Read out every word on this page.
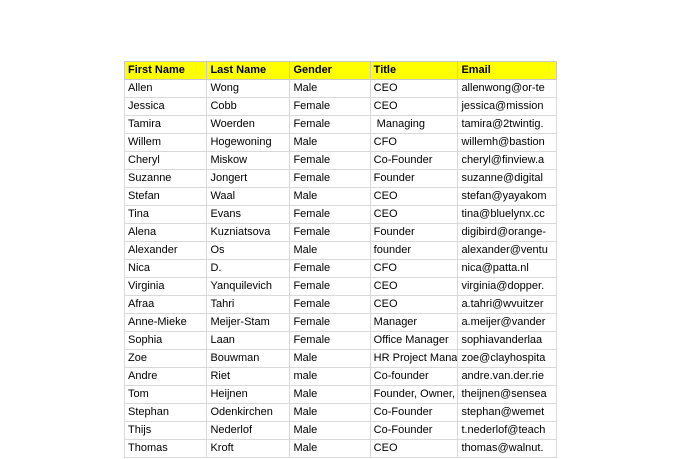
First Name	Last Name	Gender	Title	Email
Allen	Wong	Male	CEO	allenwong@or-te
Jessica	Cobb	Female	CEO	jessica@mission
Tamira	Woerden	Female	Managing	tamira@2twintig.
Willem	Hogewoning	Male	CFO	willemh@bastion
Cheryl	Miskow	Female	Co-Founder	cheryl@finview.a
Suzanne	Jongert	Female	Founder	suzanne@digital
Stefan	Waal	Male	CEO	stefan@yayakom
Tina	Evans	Female	CEO	tina@bluelynx.cc
Alena	Kuzniatsova	Female	Founder	digibird@orange-
Alexander	Os	Male	founder	alexander@ventu
Nica	D.	Female	CFO	nica@patta.nl
Virginia	Yanquilevich	Female	CEO	virginia@dopper.
Afraa	Tahri	Female	CEO	a.tahri@wvuitzer
Anne-Mieke	Meijer-Stam	Female	Manager	a.meijer@vander
Sophia	Laan	Female	Office Manager	sophiavanderlaa
Zoe	Bouwman	Male	HR Project Mana	zoe@clayhospita
Andre	Riet	male	Co-founder	andre.van.der.rie
Tom	Heijnen	Male	Founder, Owner,	theijnen@sensea
Stephan	Odenkirchen	Male	Co-Founder	stephan@wemet
Thijs	Nederlof	Male	Co-Founder	t.nederlof@teach
Thomas	Kroft	Male	CEO	thomas@walnut.
